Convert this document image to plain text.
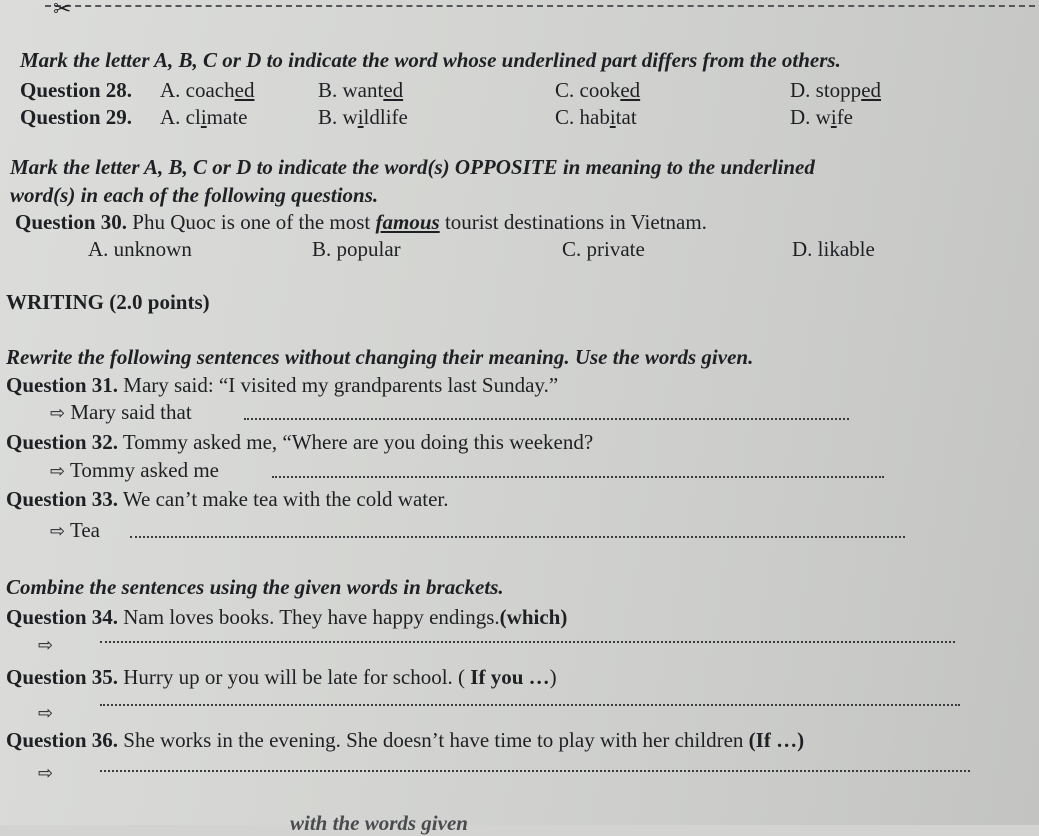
✂
Mark the letter A, B, C or D to indicate the word whose underlined part differs from the others.
Question 28. A. coached	B. wanted	C. cooked	D. stopped
Question 29. A. climate	B. wildlife	C. habitat	D. wife
Mark the letter A, B, C or D to indicate the word(s) OPPOSITE in meaning to the underlined
word(s) in each of the following questions.
Question 30. Phu Quoc is one of the most famous tourist destinations in Vietnam.
A. unknown	B. popular	C. private	D. likable
WRITING (2.0 points)
Rewrite the following sentences without changing their meaning. Use the words given.
Question 31. Mary said: “I visited my grandparents last Sunday.”
⇨ Mary said that
Question 32. Tommy asked me, “Where are you doing this weekend?
⇨ Tommy asked me
Question 33. We can’t make tea with the cold water.
⇨ Tea
Combine the sentences using the given words in brackets.
Question 34. Nam loves books. They have happy endings.(which)
⇨
Question 35. Hurry up or you will be late for school. ( If you …)
⇨
Question 36. She works in the evening. She doesn’t have time to play with her children (If …)
⇨
with the words given
